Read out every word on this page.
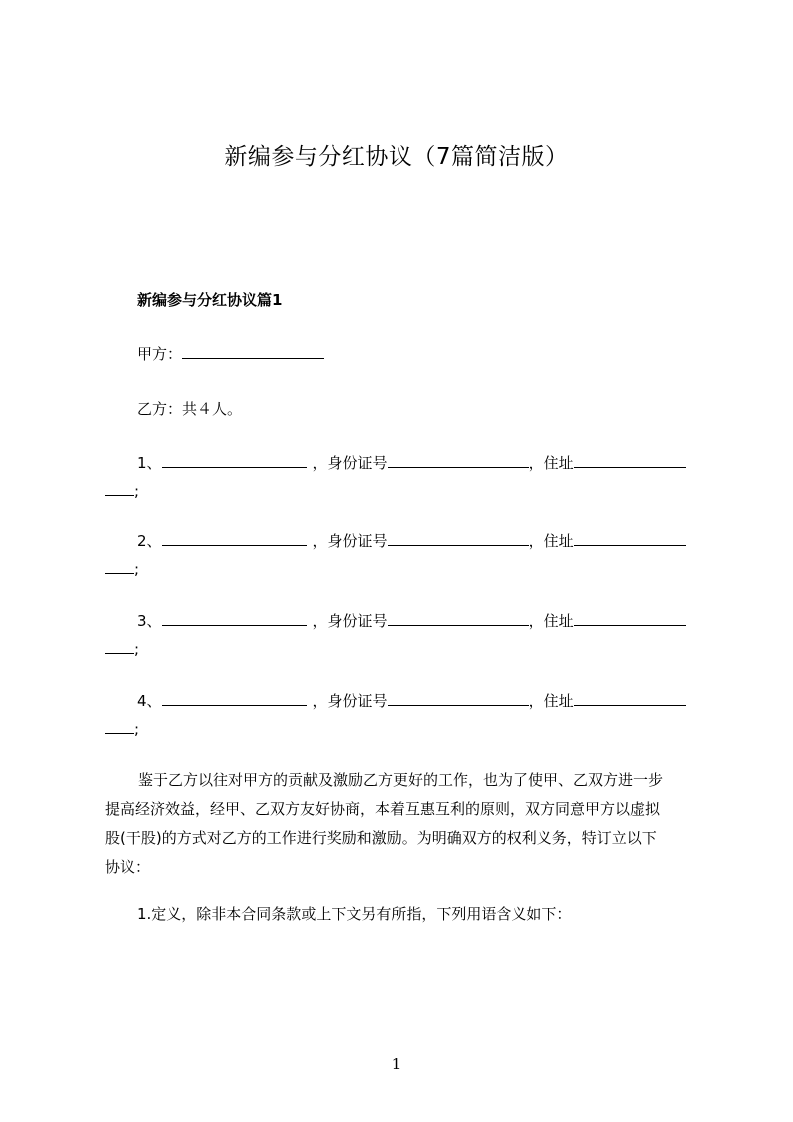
新编参与分红协议（7篇简洁版）
新编参与分红协议篇1
甲方：
乙方：共４人。
1、	，身份证号	，住址
;
2、	，身份证号	，住址
;
3、	，身份证号	，住址
;
4、	，身份证号	，住址
;
鉴于乙方以往对甲方的贡献及激励乙方更好的工作，也为了使甲、乙双方进一步
提高经济效益，经甲、乙双方友好协商，本着互惠互利的原则，双方同意甲方以虚拟
股(干股)的方式对乙方的工作进行奖励和激励。为明确双方的权利义务，特订立以下
协议：
1.定义，除非本合同条款或上下文另有所指，下列用语含义如下：
1
